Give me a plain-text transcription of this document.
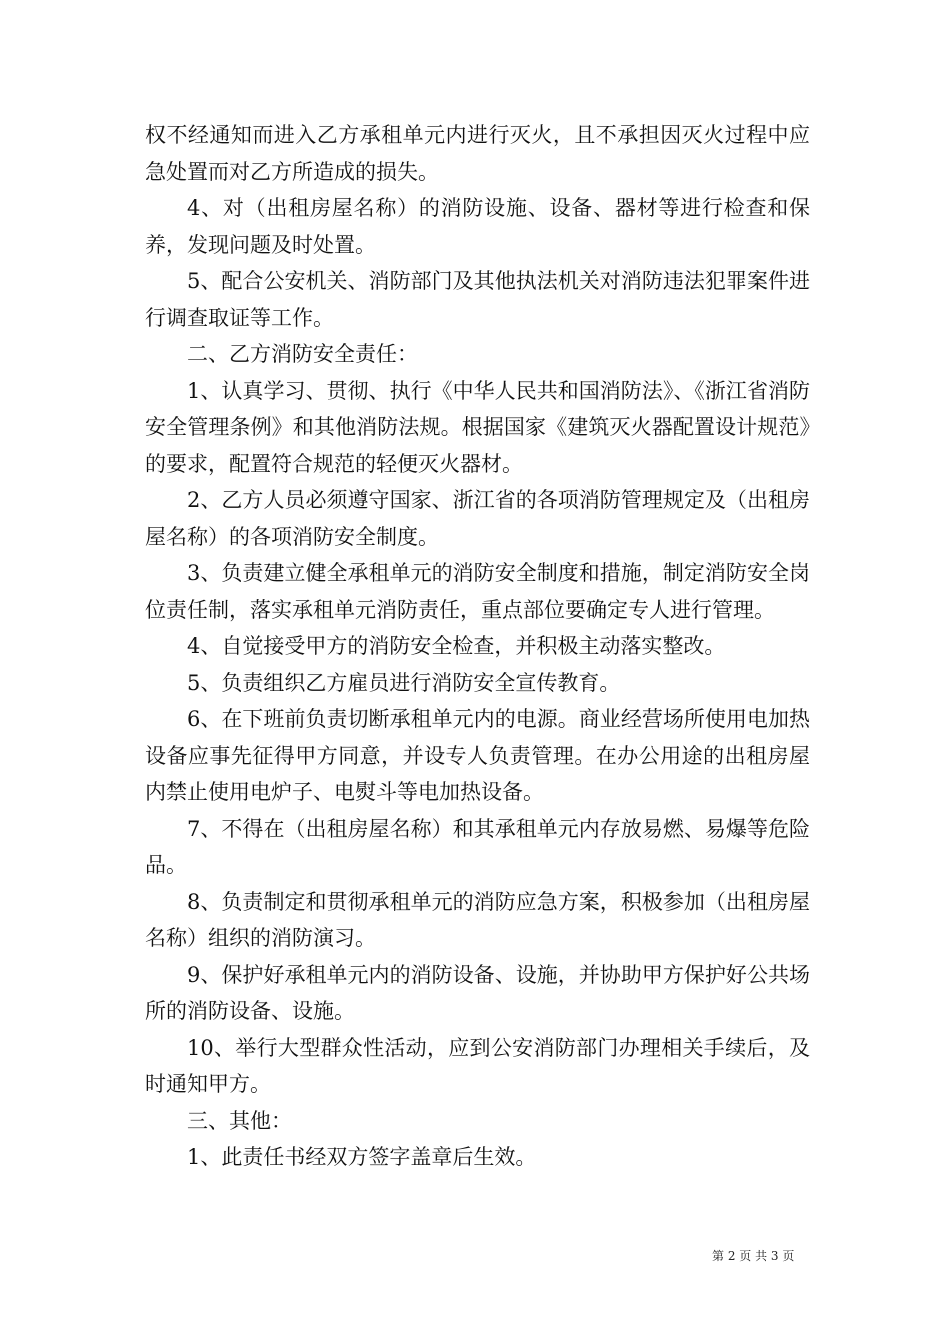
权不经通知而进入乙方承租单元内进行灭火，且不承担因灭火过程中应急处置而对乙方所造成的损失。

4、对（出租房屋名称）的消防设施、设备、器材等进行检查和保养，发现问题及时处置。

5、配合公安机关、消防部门及其他执法机关对消防违法犯罪案件进行调查取证等工作。

二、乙方消防安全责任：

1、认真学习、贯彻、执行《中华人民共和国消防法》、《浙江省消防安全管理条例》和其他消防法规。根据国家《建筑灭火器配置设计规范》的要求，配置符合规范的轻便灭火器材。

2、乙方人员必须遵守国家、浙江省的各项消防管理规定及（出租房屋名称）的各项消防安全制度。

3、负责建立健全承租单元的消防安全制度和措施，制定消防安全岗位责任制，落实承租单元消防责任，重点部位要确定专人进行管理。

4、自觉接受甲方的消防安全检查，并积极主动落实整改。

5、负责组织乙方雇员进行消防安全宣传教育。

6、在下班前负责切断承租单元内的电源。商业经营场所使用电加热设备应事先征得甲方同意，并设专人负责管理。在办公用途的出租房屋内禁止使用电炉子、电熨斗等电加热设备。

7、不得在（出租房屋名称）和其承租单元内存放易燃、易爆等危险品。

8、负责制定和贯彻承租单元的消防应急方案，积极参加（出租房屋名称）组织的消防演习。

9、保护好承租单元内的消防设备、设施，并协助甲方保护好公共场所的消防设备、设施。

10、举行大型群众性活动，应到公安消防部门办理相关手续后，及时通知甲方。

三、其他：

1、此责任书经双方签字盖章后生效。

第 2 页 共 3 页
